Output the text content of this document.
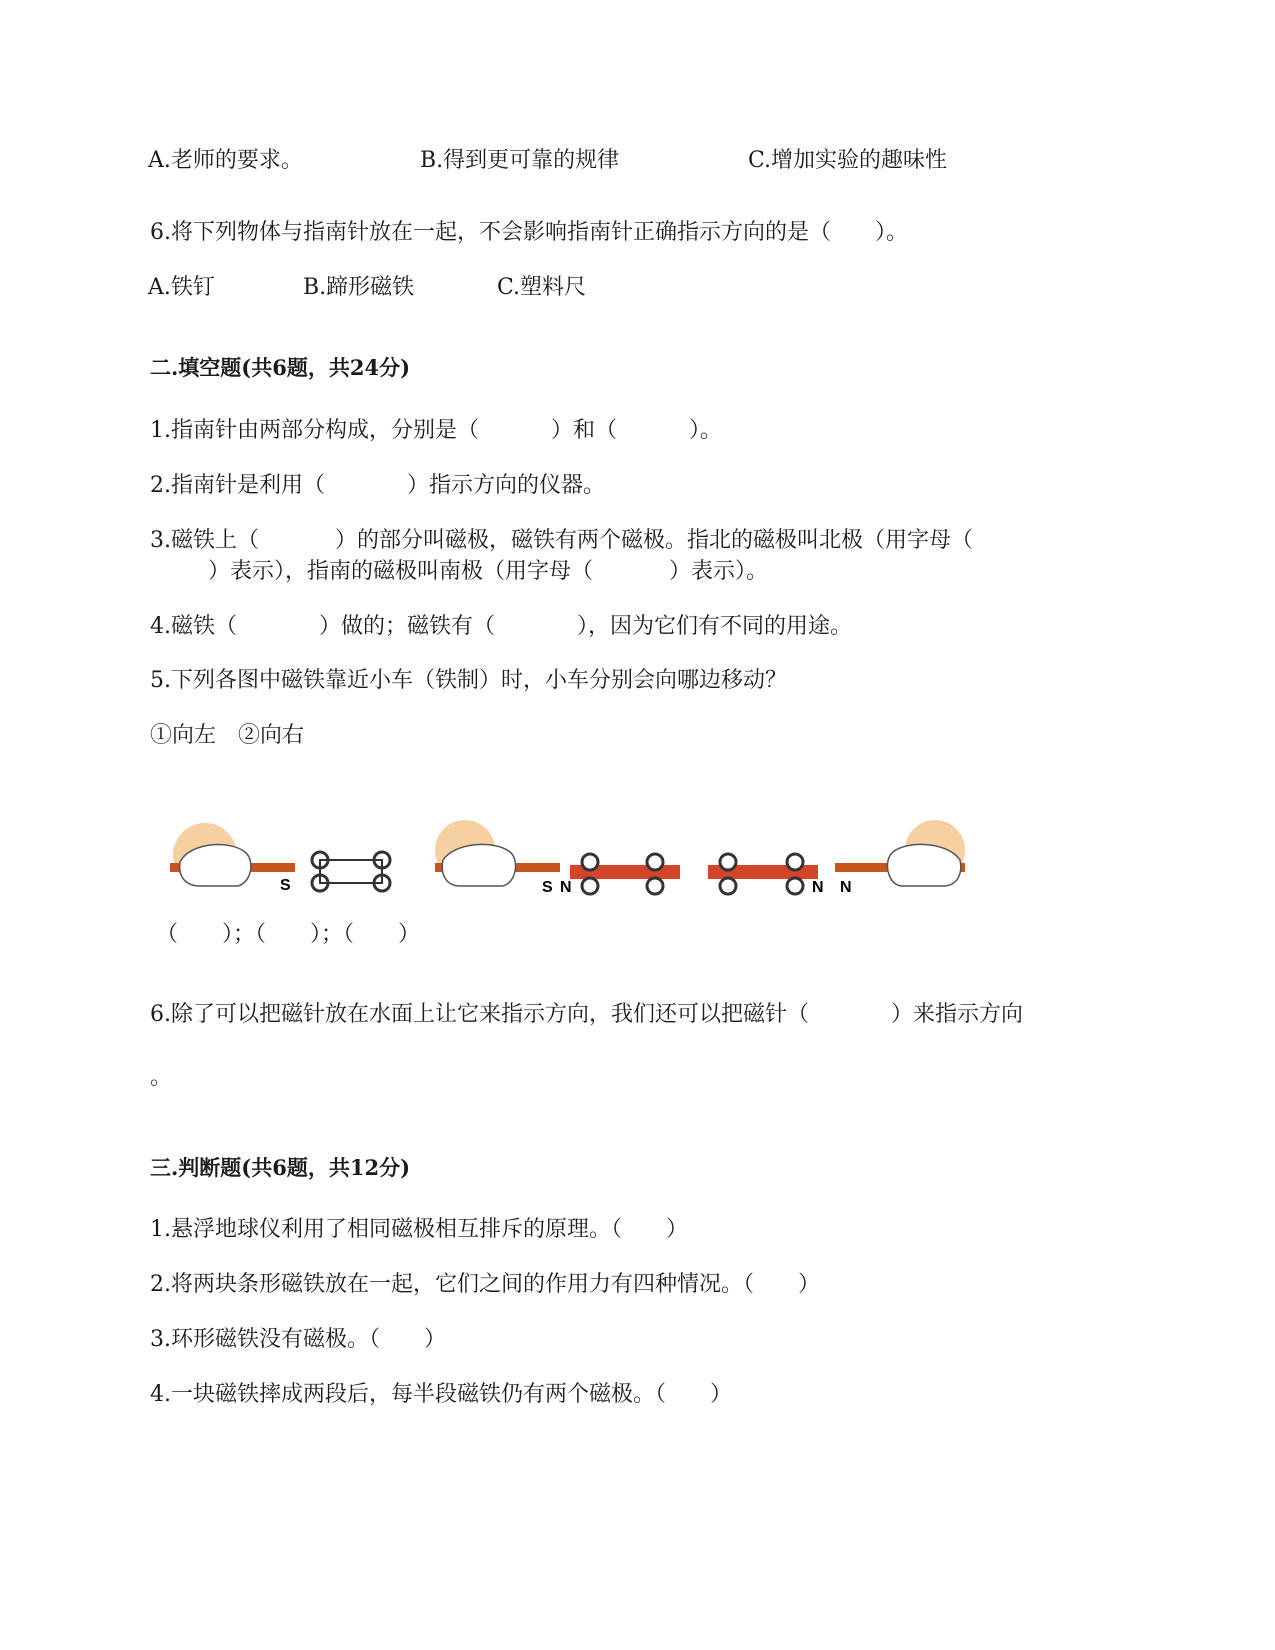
A.老师的要求。	B.得到更可靠的规律	C.增加实验的趣味性
6.将下列物体与指南针放在一起，不会影响指南针正确指示方向的是（　　）。
A.铁钉	B.蹄形磁铁	C.塑料尺
二.填空题(共6题，共24分)
1.指南针由两部分构成，分别是（	）和（	）。
2.指南针是利用（	）指示方向的仪器。
3.磁铁上（	）的部分叫磁极，磁铁有两个磁极。指北的磁极叫北极（用字母（
）表示），指南的磁极叫南极（用字母（	）表示）。
4.磁铁（	）做的；磁铁有（	），因为它们有不同的用途。
5.下列各图中磁铁靠近小车（铁制）时，小车分别会向哪边移动？
①向左　②向右
S	S N	N N
（　　）；（　　）；（　　）
6.除了可以把磁针放在水面上让它来指示方向，我们还可以把磁针（	）来指示方向
。
三.判断题(共6题，共12分)
1.悬浮地球仪利用了相同磁极相互排斥的原理。（　　）
2.将两块条形磁铁放在一起，它们之间的作用力有四种情况。（　　）
3.环形磁铁没有磁极。（　　）
4.一块磁铁摔成两段后，每半段磁铁仍有两个磁极。（　　）
